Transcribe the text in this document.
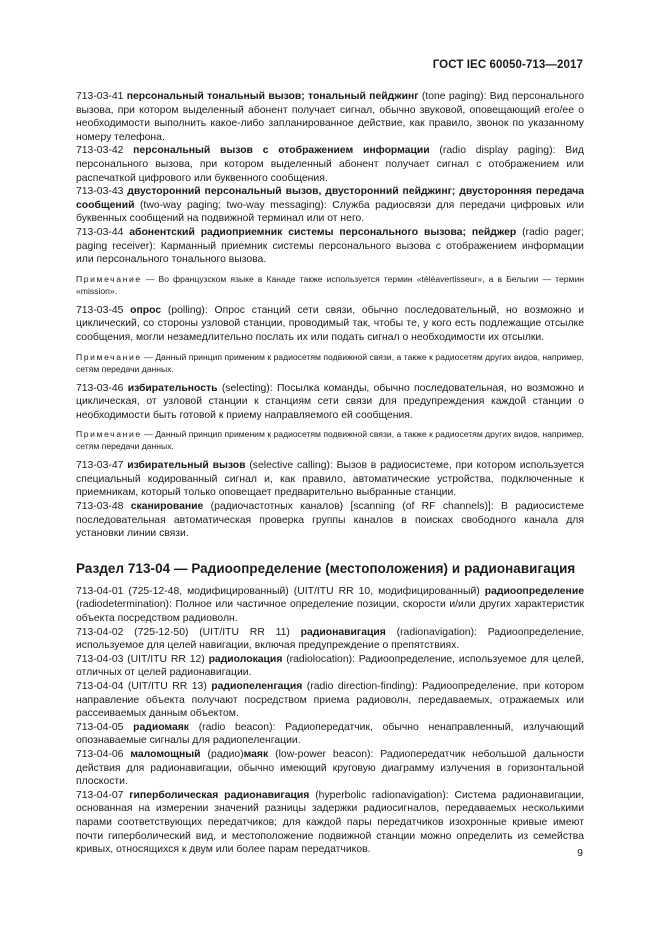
ГОСТ IEC 60050-713—2017

713-03-41 персональный тональный вызов; тональный пейджинг (tone paging): Вид персонального вызова, при котором выделенный абонент получает сигнал, обычно звуковой, оповещающий его/ее о необходимости выполнить какое-либо запланированное действие, как правило, звонок по указанному номеру телефона.

713-03-42 персональный вызов с отображением информации (radio display paging): Вид персонального вызова, при котором выделенный абонент получает сигнал с отображением или распечаткой цифрового или буквенного сообщения.

713-03-43 двусторонний персональный вызов, двусторонний пейджинг; двусторонняя передача сообщений (two-way paging; two-way messaging): Служба радиосвязи для передачи цифровых или буквенных сообщений на подвижной терминал или от него.

713-03-44 абонентский радиоприемник системы персонального вызова; пейджер (radio pager; paging receiver): Карманный приемник системы персонального вызова с отображением информации или персонального тонального вызова.

Примечание — Во французском языке в Канаде также используется термин «téléavertisseur», а в Бельгии — термин «mission».

713-03-45 опрос (polling): Опрос станций сети связи, обычно последовательный, но возможно и циклический, со стороны узловой станции, проводимый так, чтобы те, у кого есть подлежащие отсылке сообщения, могли незамедлительно послать их или подать сигнал о необходимости их отсылки.

Примечание — Данный принцип применим к радиосетям подвижной связи, а также к радиосетям других видов, например, сетям передачи данных.

713-03-46 избирательность (selecting): Посылка команды, обычно последовательная, но возможно и циклическая, от узловой станции к станциям сети связи для предупреждения каждой станции о необходимости быть готовой к приему направляемого ей сообщения.

Примечание — Данный принцип применим к радиосетям подвижной связи, а также к радиосетям других видов, например, сетям передачи данных.

713-03-47 избирательный вызов (selective calling): Вызов в радиосистеме, при котором используется специальный кодированный сигнал и, как правило, автоматические устройства, подключенные к приемникам, который только оповещает предварительно выбранные станции.

713-03-48 сканирование (радиочастотных каналов) [scanning (of RF channels)]: В радиосистеме последовательная автоматическая проверка группы каналов в поисках свободного канала для установки линии связи.

Раздел 713-04 — Радиоопределение (местоположения) и радионавигация

713-04-01 (725-12-48, модифицированный) (UIT/ITU RR 10, модифицированный) радиоопределение (radiodetermination): Полное или частичное определение позиции, скорости и/или других характеристик объекта посредством радиоволн.

713-04-02 (725-12-50) (UIT/ITU RR 11) радионавигация (radionavigation): Радиоопределение, используемое для целей навигации, включая предупреждение о препятствиях.

713-04-03 (UIT/ITU RR 12) радиолокация (radiolocation): Радиоопределение, используемое для целей, отличных от целей радионавигации.

713-04-04 (UIT/ITU RR 13) радиопеленгация (radio direction-finding): Радиоопределение, при котором направление объекта получают посредством приема радиоволн, передаваемых, отражаемых или рассеиваемых данным объектом.

713-04-05 радиомаяк (radio beacon): Радиопередатчик, обычно ненаправленный, излучающий опознаваемые сигналы для радиопеленгации.

713-04-06 маломощный (радио)маяк (low-power beacon): Радиопередатчик небольшой дальности действия для радионавигации, обычно имеющий круговую диаграмму излучения в горизонтальной плоскости.

713-04-07 гиперболическая радионавигация (hyperbolic radionavigation): Система радионавигации, основанная на измерении значений разницы задержки радиосигналов, передаваемых несколькими парами соответствующих передатчиков; для каждой пары передатчиков изохронные кривые имеют почти гиперболический вид, и местоположение подвижной станции можно определить из семейства кривых, относящихся к двум или более парам передатчиков.	9
